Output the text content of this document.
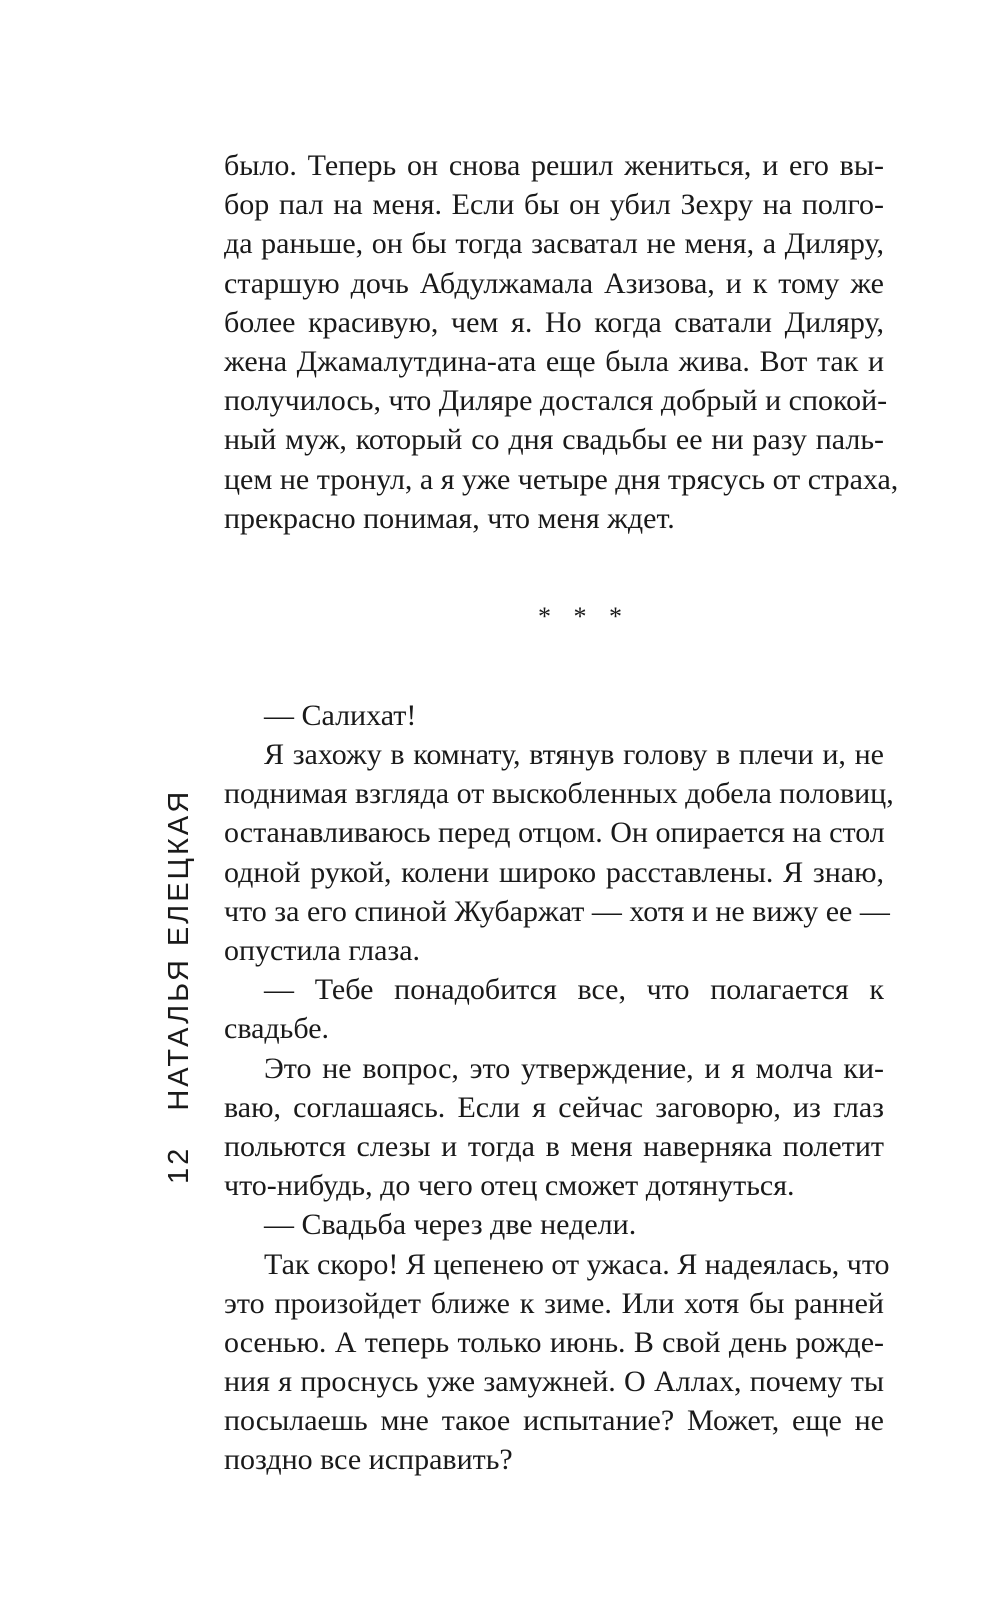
было. Теперь он снова решил жениться, и его вы-
бор пал на меня. Если бы он убил Зехру на полго-
да раньше, он бы тогда засватал не меня, а Диляру,
старшую дочь Абдулжамала Азизова, и к тому же
более красивую, чем я. Но когда сватали Диляру,
жена Джамалутдина-ата еще была жива. Вот так и
получилось, что Диляре достался добрый и спокой-
ный муж, который со дня свадьбы ее ни разу паль-
цем не тронул, а я уже четыре дня трясусь от страха,
прекрасно понимая, что меня ждет.
* * *
— Салихат!
Я захожу в комнату, втянув голову в плечи и, не
поднимая взгляда от выскобленных добела половиц,
останавливаюсь перед отцом. Он опирается на стол
одной рукой, колени широко расставлены. Я знаю,
что за его спиной Жубаржат — хотя и не вижу ее —
опустила глаза.
— Тебе понадобится все, что полагается к
свадьбе.
Это не вопрос, это утверждение, и я молча ки-
ваю, соглашаясь. Если я сейчас заговорю, из глаз
польются слезы и тогда в меня наверняка полетит
что-нибудь, до чего отец сможет дотянуться.
— Свадьба через две недели.
Так скоро! Я цепенею от ужаса. Я надеялась, что
это произойдет ближе к зиме. Или хотя бы ранней
осенью. А теперь только июнь. В свой день рожде-
ния я проснусь уже замужней. О Аллах, почему ты
посылаешь мне такое испытание? Может, еще не
поздно все исправить?
12 НАТАЛЬЯ ЕЛЕЦКАЯ
